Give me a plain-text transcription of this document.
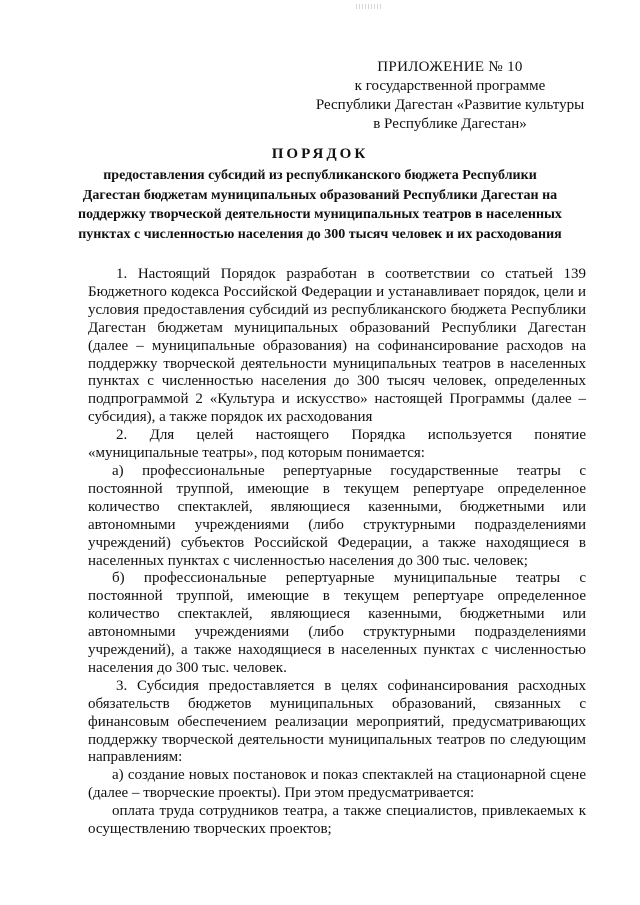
ПРИЛОЖЕНИЕ № 10
к государственной программе
Республики Дагестан «Развитие культуры
в Республике Дагестан»
ПОРЯДОК
предоставления субсидий из республиканского бюджета Республики Дагестан бюджетам муниципальных образований Республики Дагестан на поддержку творческой деятельности муниципальных театров в населенных пунктах с численностью населения до 300 тысяч человек и их расходования

1. Настоящий Порядок разработан в соответствии со статьей 139 Бюджетного кодекса Российской Федерации и устанавливает порядок, цели и условия предоставления субсидий из республиканского бюджета Республики Дагестан бюджетам муниципальных образований Республики Дагестан (далее – муниципальные образования) на софинансирование расходов на поддержку творческой деятельности муниципальных театров в населенных пунктах с численностью населения до 300 тысяч человек, определенных подпрограммой 2 «Культура и искусство» настоящей Программы (далее – субсидия), а также порядок их расходования

2. Для целей настоящего Порядка используется понятие «муниципальные театры», под которым понимается:

а) профессиональные репертуарные государственные театры с постоянной труппой, имеющие в текущем репертуаре определенное количество спектаклей, являющиеся казенными, бюджетными или автономными учреждениями (либо структурными подразделениями учреждений) субъектов Российской Федерации, а также находящиеся в населенных пунктах с численностью населения до 300 тыс. человек;

б) профессиональные репертуарные муниципальные театры с постоянной труппой, имеющие в текущем репертуаре определенное количество спектаклей, являющиеся казенными, бюджетными или автономными учреждениями (либо структурными подразделениями учреждений), а также находящиеся в населенных пунктах с численностью населения до 300 тыс. человек.

3. Субсидия предоставляется в целях софинансирования расходных обязательств бюджетов муниципальных образований, связанных с финансовым обеспечением реализации мероприятий, предусматривающих поддержку творческой деятельности муниципальных театров по следующим направлениям:

а) создание новых постановок и показ спектаклей на стационарной сцене (далее – творческие проекты). При этом предусматривается:

оплата труда сотрудников театра, а также специалистов, привлекаемых к осуществлению творческих проектов;
